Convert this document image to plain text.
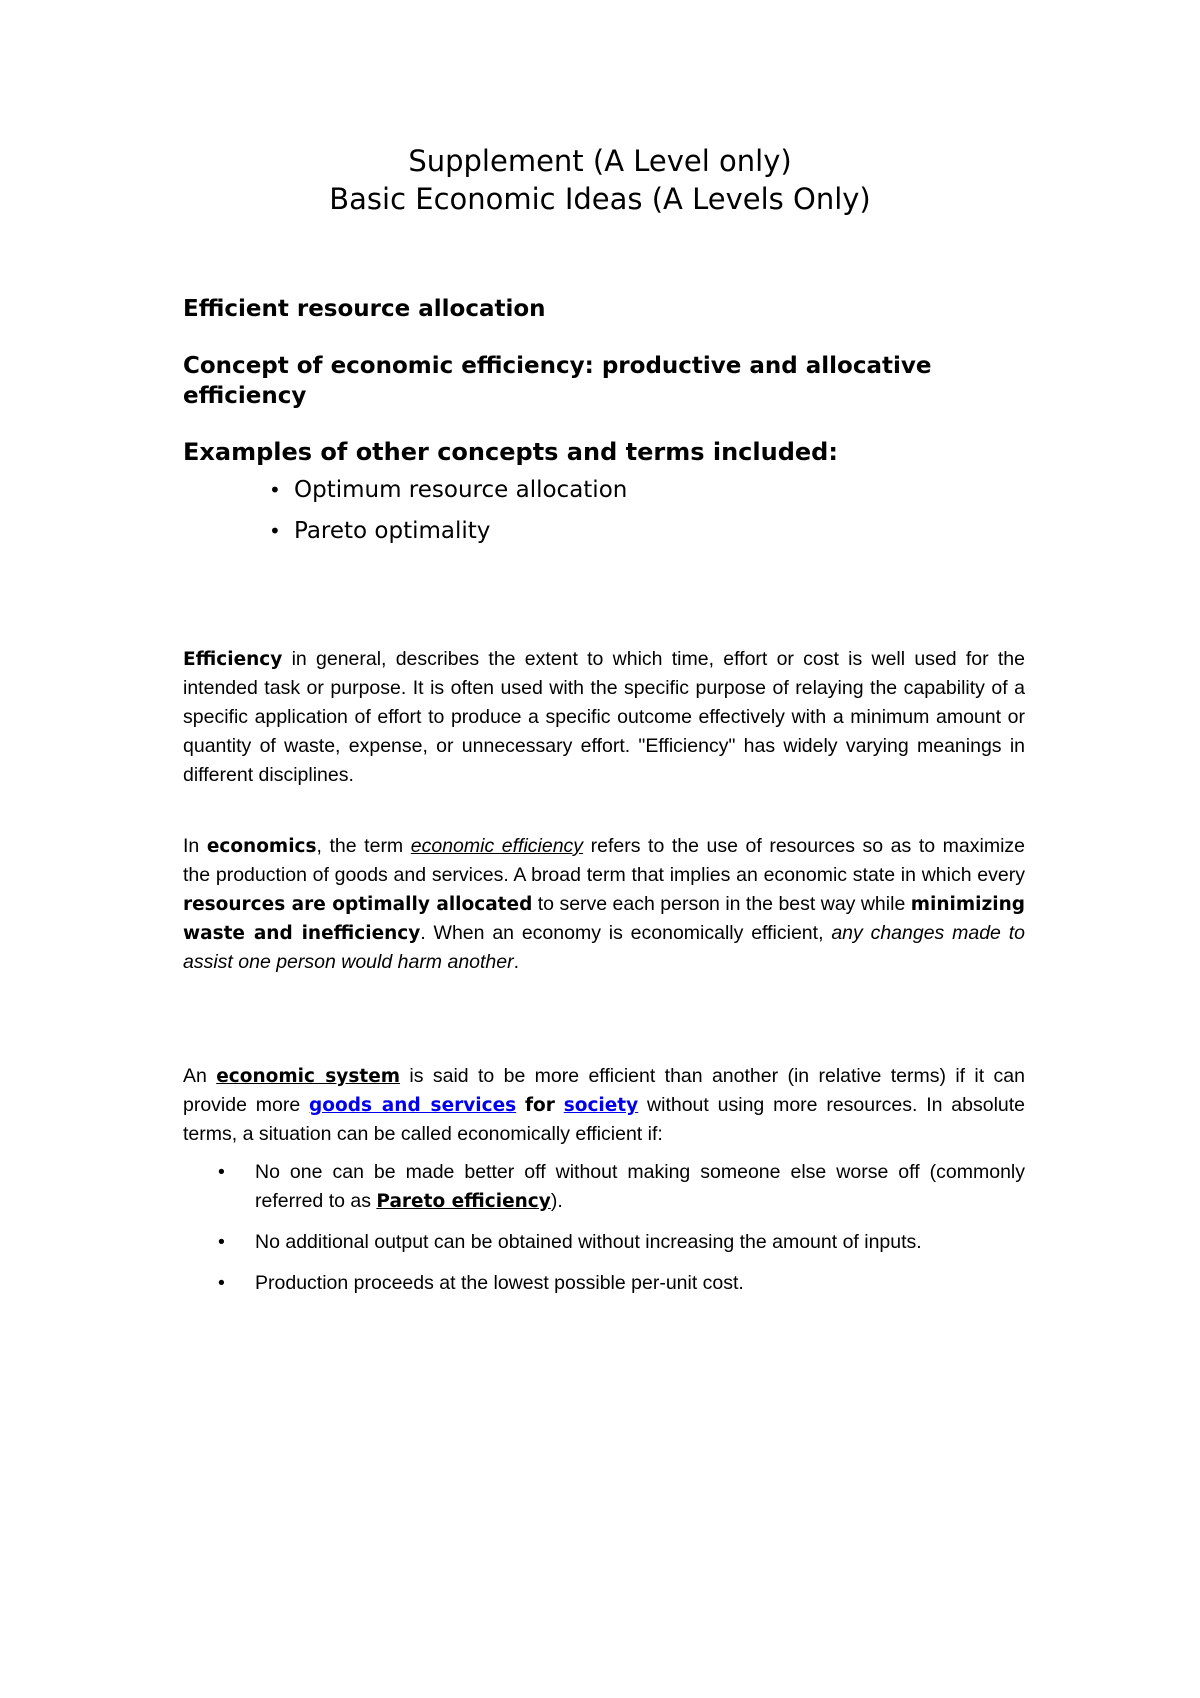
Supplement (A Level only)
Basic Economic Ideas (A Levels Only)
Efficient resource allocation
Concept of economic efficiency: productive and allocative efficiency
Examples of other concepts and terms included:
• Optimum resource allocation
• Pareto optimality

Efficiency in general, describes the extent to which time, effort or cost is well used for the intended task or purpose. It is often used with the specific purpose of relaying the capability of a specific application of effort to produce a specific outcome effectively with a minimum amount or quantity of waste, expense, or unnecessary effort. "Efficiency" has widely varying meanings in different disciplines.

In economics, the term economic efficiency refers to the use of resources so as to maximize the production of goods and services. A broad term that implies an economic state in which every resources are optimally allocated to serve each person in the best way while minimizing waste and inefficiency. When an economy is economically efficient, any changes made to assist one person would harm another.

An economic system is said to be more efficient than another (in relative terms) if it can provide more goods and services for society without using more resources. In absolute terms, a situation can be called economically efficient if:

• No one can be made better off without making someone else worse off (commonly referred to as Pareto efficiency).
• No additional output can be obtained without increasing the amount of inputs.
• Production proceeds at the lowest possible per-unit cost.
